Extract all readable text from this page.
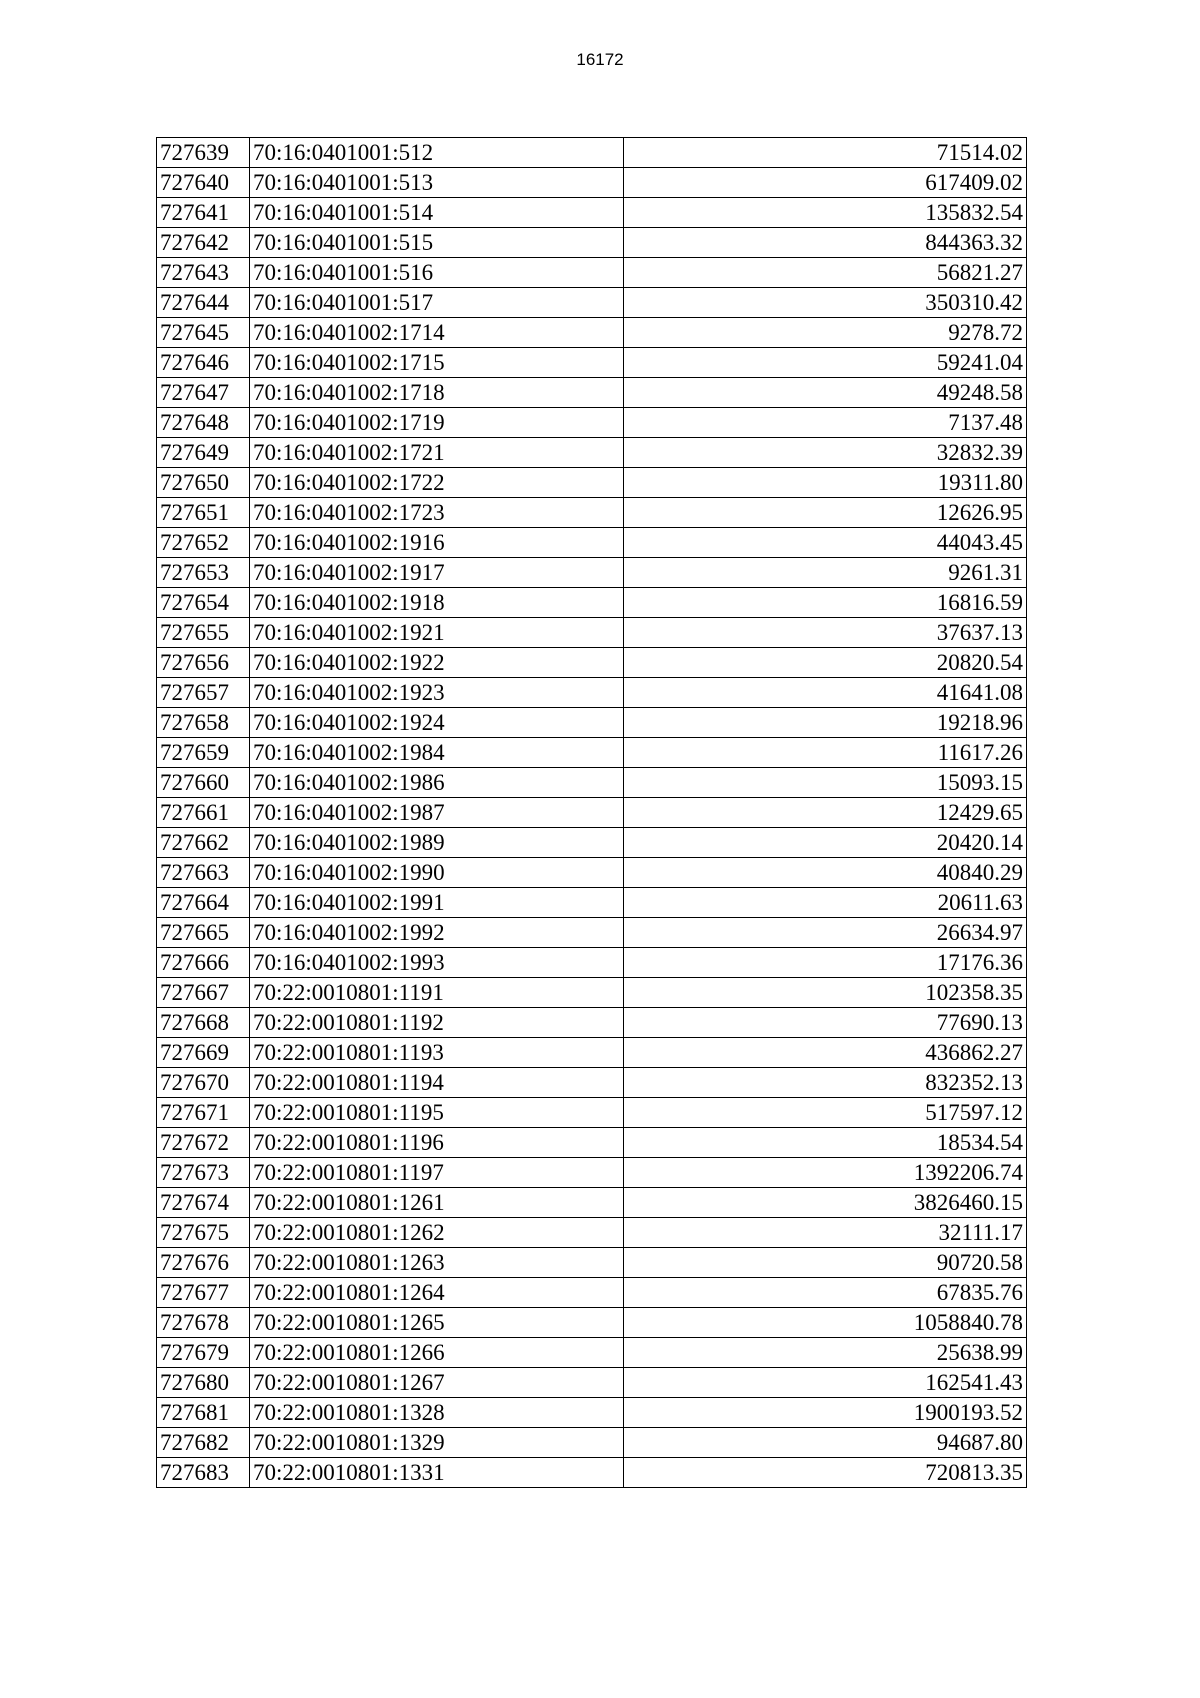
16172
727639	70:16:0401001:512	71514.02
727640	70:16:0401001:513	617409.02
727641	70:16:0401001:514	135832.54
727642	70:16:0401001:515	844363.32
727643	70:16:0401001:516	56821.27
727644	70:16:0401001:517	350310.42
727645	70:16:0401002:1714	9278.72
727646	70:16:0401002:1715	59241.04
727647	70:16:0401002:1718	49248.58
727648	70:16:0401002:1719	7137.48
727649	70:16:0401002:1721	32832.39
727650	70:16:0401002:1722	19311.80
727651	70:16:0401002:1723	12626.95
727652	70:16:0401002:1916	44043.45
727653	70:16:0401002:1917	9261.31
727654	70:16:0401002:1918	16816.59
727655	70:16:0401002:1921	37637.13
727656	70:16:0401002:1922	20820.54
727657	70:16:0401002:1923	41641.08
727658	70:16:0401002:1924	19218.96
727659	70:16:0401002:1984	11617.26
727660	70:16:0401002:1986	15093.15
727661	70:16:0401002:1987	12429.65
727662	70:16:0401002:1989	20420.14
727663	70:16:0401002:1990	40840.29
727664	70:16:0401002:1991	20611.63
727665	70:16:0401002:1992	26634.97
727666	70:16:0401002:1993	17176.36
727667	70:22:0010801:1191	102358.35
727668	70:22:0010801:1192	77690.13
727669	70:22:0010801:1193	436862.27
727670	70:22:0010801:1194	832352.13
727671	70:22:0010801:1195	517597.12
727672	70:22:0010801:1196	18534.54
727673	70:22:0010801:1197	1392206.74
727674	70:22:0010801:1261	3826460.15
727675	70:22:0010801:1262	32111.17
727676	70:22:0010801:1263	90720.58
727677	70:22:0010801:1264	67835.76
727678	70:22:0010801:1265	1058840.78
727679	70:22:0010801:1266	25638.99
727680	70:22:0010801:1267	162541.43
727681	70:22:0010801:1328	1900193.52
727682	70:22:0010801:1329	94687.80
727683	70:22:0010801:1331	720813.35
